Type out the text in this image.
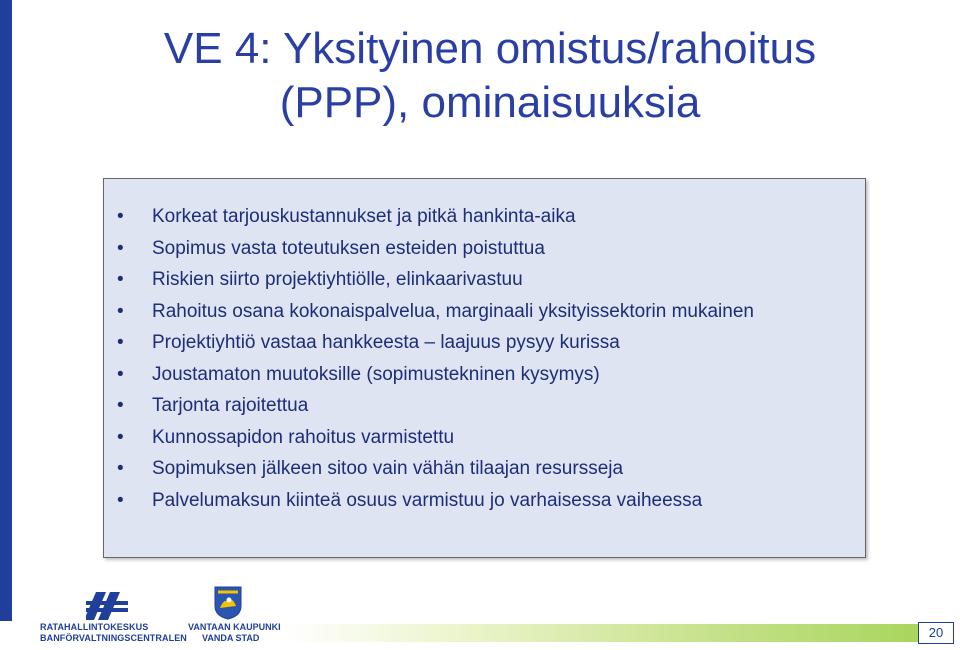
VE 4: Yksityinen omistus/rahoitus
(PPP), ominaisuuksia
• Korkeat tarjouskustannukset ja pitkä hankinta-aika
• Sopimus vasta toteutuksen esteiden poistuttua
• Riskien siirto projektiyhtiölle, elinkaarivastuu
• Rahoitus osana kokonaispalvelua, marginaali yksityissektorin mukainen
• Projektiyhtiö vastaa hankkeesta – laajuus pysyy kurissa
• Joustamaton muutoksille (sopimustekninen kysymys)
• Tarjonta rajoitettua
• Kunnossapidon rahoitus varmistettu
• Sopimuksen jälkeen sitoo vain vähän tilaajan resursseja
• Palvelumaksun kiinteä osuus varmistuu jo varhaisessa vaiheessa
RATAHALLINTOKESKUS
BANFÖRVALTNINGSCENTRALEN
VANTAAN KAUPUNKI
VANDA STAD	20
